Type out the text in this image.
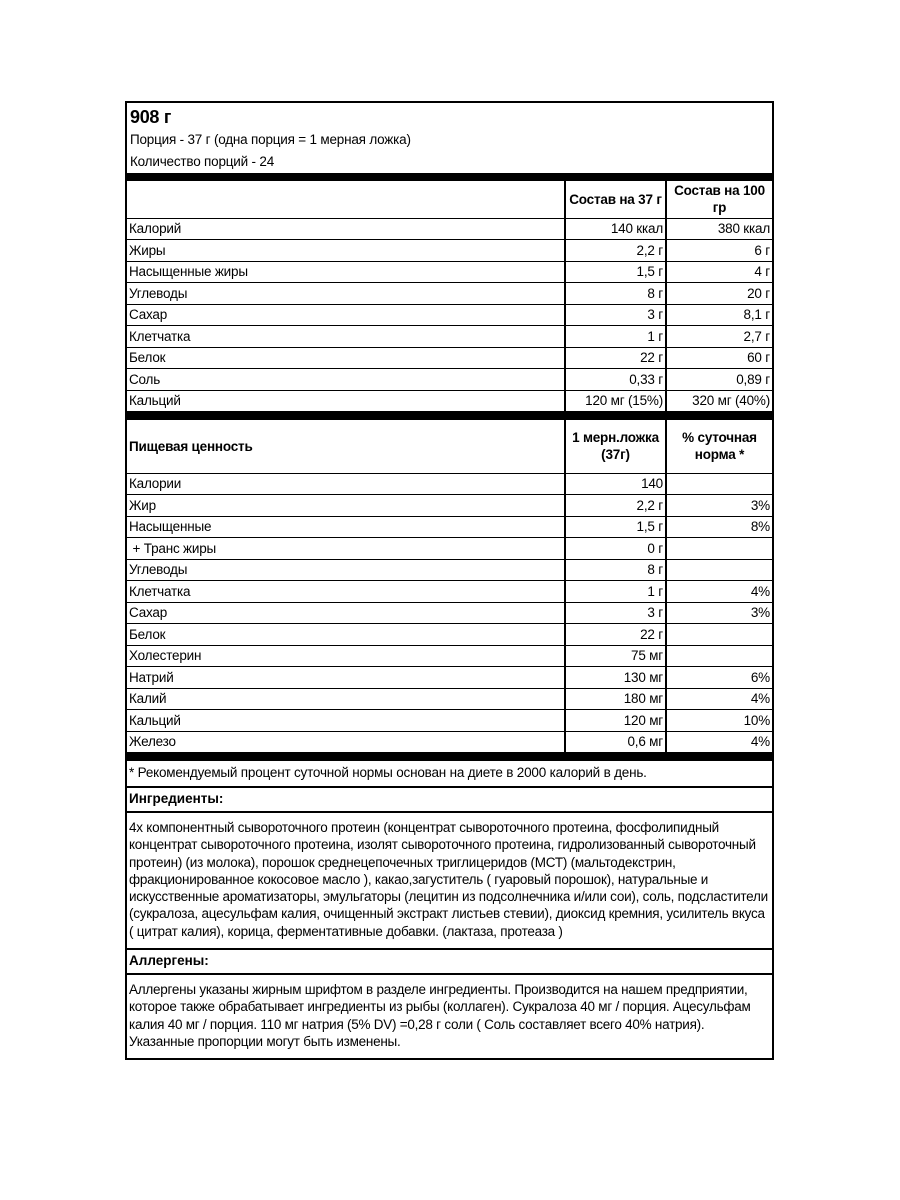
908 г
Порция - 37 г (одна порция = 1 мерная ложка)
Количество порций - 24
	Состав на 37 г	Состав на 100 гр
Калорий	140 ккал	380 ккал
Жиры	2,2 г	6 г
Насыщенные жиры	1,5 г	4 г
Углеводы	8 г	20 г
Сахар	3 г	8,1 г
Клетчатка	1 г	2,7 г
Белок	22 г	60 г
Соль	0,33 г	0,89 г
Кальций	120 мг (15%)	320 мг (40%)
Пищевая ценность	1 мерн.ложка (37г)	% суточная норма *
Калории	140	
Жир	2,2 г	3%
Насыщенные	1,5 г	8%
+ Транс жиры	0 г	
Углеводы	8 г	
Клетчатка	1 г	4%
Сахар	3 г	3%
Белок	22 г	
Холестерин	75 мг	
Натрий	130 мг	6%
Калий	180 мг	4%
Кальций	120 мг	10%
Железо	0,6 мг	4%
* Рекомендуемый процент суточной нормы основан на диете в 2000 калорий в день.
Ингредиенты:
4х компонентный сывороточного протеин (концентрат сывороточного протеина, фосфолипидный концентрат сывороточного протеина, изолят сывороточного протеина, гидролизованный сывороточный протеин) (из молока), порошок среднецепочечных триглицеридов (МСТ) (мальтодекстрин, фракционированное кокосовое масло ), какао,загуститель ( гуаровый порошок), натуральные и искусственные ароматизаторы, эмульгаторы (лецитин из подсолнечника и/или сои), соль, подсластители (сукралоза, ацесульфам калия, очищенный экстракт листьев стевии), диоксид кремния, усилитель вкуса ( цитрат калия), корица, ферментативные добавки. (лактаза, протеаза )
Аллергены:
Аллергены указаны жирным шрифтом в разделе ингредиенты. Производится на нашем предприятии, которое также обрабатывает ингредиенты из рыбы (коллаген). Сукралоза 40 мг / порция. Ацесульфам калия 40 мг / порция. 110 мг натрия (5% DV) =0,28 г соли ( Соль составляет всего 40% натрия). Указанные пропорции могут быть изменены.
